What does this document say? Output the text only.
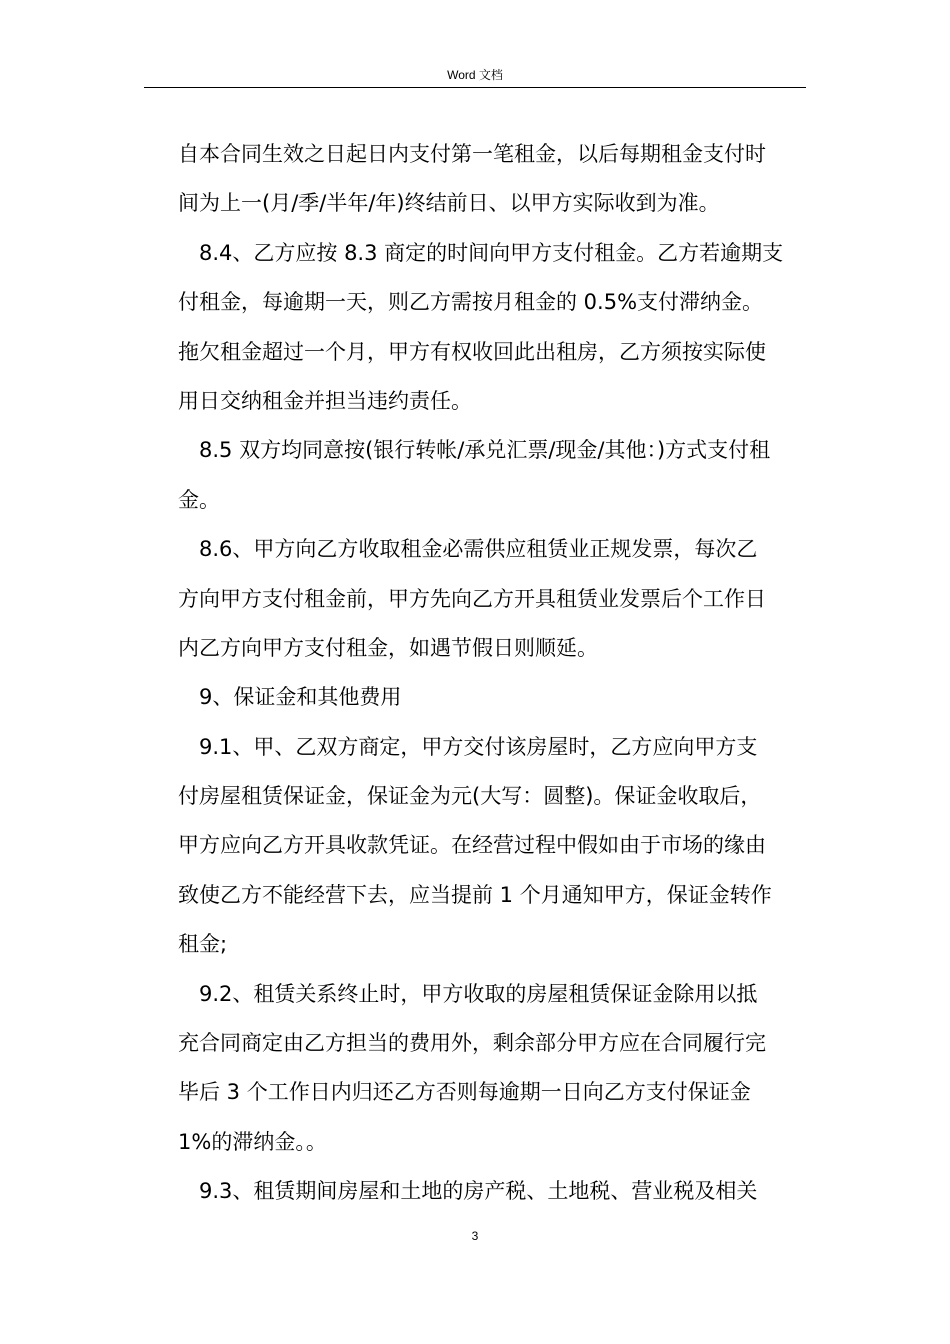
Word 文档
自本合同生效之日起日内支付第一笔租金，以后每期租金支付时
间为上一(月/季/半年/年)终结前日、以甲方实际收到为准。
8.4、乙方应按 8.3 商定的时间向甲方支付租金。乙方若逾期支
付租金，每逾期一天，则乙方需按月租金的 0.5%支付滞纳金。
拖欠租金超过一个月，甲方有权收回此出租房，乙方须按实际使
用日交纳租金并担当违约责任。
8.5 双方均同意按(银行转帐/承兑汇票/现金/其他：)方式支付租
金。
8.6、甲方向乙方收取租金必需供应租赁业正规发票，每次乙
方向甲方支付租金前，甲方先向乙方开具租赁业发票后个工作日
内乙方向甲方支付租金，如遇节假日则顺延。
9、保证金和其他费用
9.1、甲、乙双方商定，甲方交付该房屋时，乙方应向甲方支
付房屋租赁保证金，保证金为元(大写：圆整)。保证金收取后，
甲方应向乙方开具收款凭证。在经营过程中假如由于市场的缘由
致使乙方不能经营下去，应当提前 1 个月通知甲方，保证金转作
租金;
9.2、租赁关系终止时，甲方收取的房屋租赁保证金除用以抵
充合同商定由乙方担当的费用外，剩余部分甲方应在合同履行完
毕后 3 个工作日内归还乙方否则每逾期一日向乙方支付保证金
1%的滞纳金。。
9.3、租赁期间房屋和土地的房产税、土地税、营业税及相关
3
